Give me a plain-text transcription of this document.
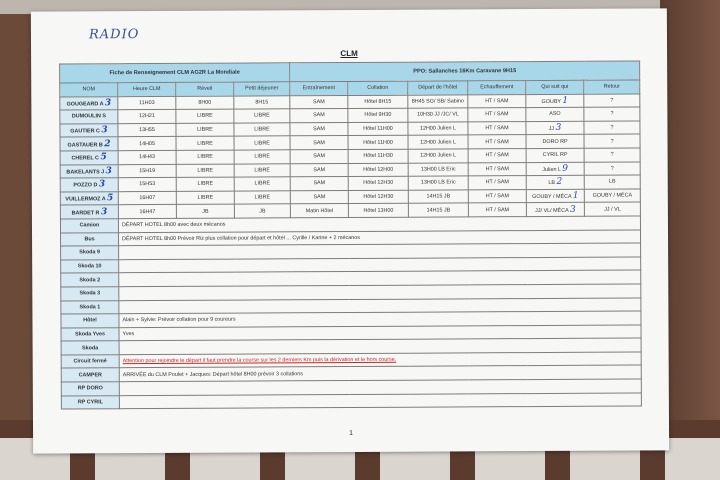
RADIO
CLM
Fiche de Renseignement CLM AG2R La Mondiale				PPO: Sallanches 16Km Caravane 9H15					
NOM	Heure CLM	Réveil	Petit déjeuner	Entraînement	Collation	Départ de l'hôtel	Echauffement	Qui suit qui	Retour
GOUGEARD A 3	11H03	8H00	8H15	SAM	Hôtel 8H15	8H45 SG/ SB/ Sabino	HT / SAM	GOUBY 1	?
DUMOULIN S	12H21	LIBRE	LIBRE	SAM	Hôtel 9H30	10H30 JJ /JC/ VL	HT / SAM	ASO	?
GAUTIER C 3	13H55	LIBRE	LIBRE	SAM	Hôtel 11H00	12H00 Julien L	HT / SAM	JJ 3	?
GASTAUER B 2	14H05	LIBRE	LIBRE	SAM	Hôtel 11H00	12H00 Julien L	HT / SAM	DORO RP	?
CHEREL C 5	14H43	LIBRE	LIBRE	SAM	Hôtel 11H30	12H00 Julien L	HT / SAM	CYRIL RP	?
BAKELANTS J 3	15H19	LIBRE	LIBRE	SAM	Hôtel 12H00	13H00 LB Eric	HT / SAM	Julien L 9	?
POZZO D 3	15H53	LIBRE	LIBRE	SAM	Hôtel 12H30	13H00 LB Eric	HT / SAM	LB 2	LB
VUILLERMOZ A 5	16H07	LIBRE	LIBRE	SAM	Hôtel 12H30	14H15 JB	HT / SAM	GOUBY / MÉCA 1	GOUBY / MÉCA
BARDET R 3	16H47	JB	JB	Matin Hôtel	Hôtel 13H00	14H15 JB	HT / SAM	JJ/ VL/ MÉCA 3	JJ / VL
Camion	DÉPART HOTEL 8h00 avec deux mécanos								
Bus	DÉPART HOTEL 8h00 Prévoir Riz plus collation pour départ et hôtel ... Cyrille / Karine + 2 mécanos								
Skoda 9									
Skoda 10									
Skoda 2									
Skoda 3									
Skoda 1									
Hôtel	Alain + Sylvie: Prévoir collation pour 9 coureurs								
Skoda Yves	Yves								
Skoda									
Circuit fermé	Attention pour rejoindre le départ il faut prendre la course sur les 2 derniers Km puis la dérivation et le hors course.								
CAMPER	ARRIVÉE du CLM Poulet + Jacques: Départ hôtel 8H00 prévoir 3 collations								
RP DORO									
RP CYRIL									
1
